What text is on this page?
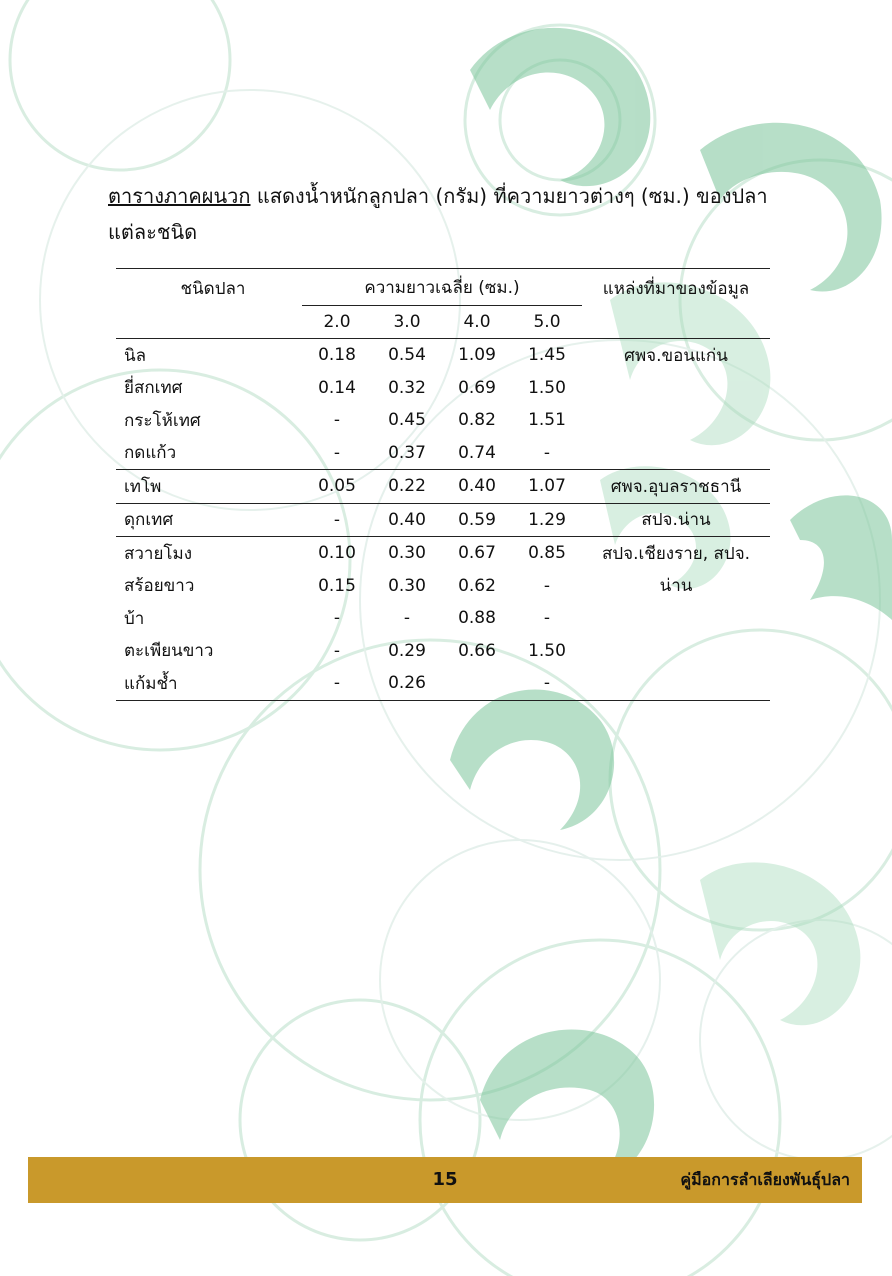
ตารางภาคผนวก แสดงน้ำหนักลูกปลา (กรัม) ที่ความยาวต่างๆ (ซม.) ของปลาแต่ละชนิด
ชนิดปลา	ความยาวเฉลี่ย (ซม.)				แหล่งที่มาของข้อมูล
	2.0	3.0	4.0	5.0	
นิล	0.18	0.54	1.09	1.45	ศพจ.ขอนแก่น
ยี่สกเทศ	0.14	0.32	0.69	1.50	
กระโห้เทศ	-	0.45	0.82	1.51	
กดแก้ว	-	0.37	0.74	-	
เทโพ	0.05	0.22	0.40	1.07	ศพจ.อุบลราชธานี
ดุกเทศ	-	0.40	0.59	1.29	สปจ.น่าน
สวายโมง	0.10	0.30	0.67	0.85	สปจ.เชียงราย, สปจ.
สร้อยขาว	0.15	0.30	0.62	-	น่าน
บ้า	-	-	0.88	-	
ตะเพียนขาว	-	0.29	0.66	1.50	
แก้มช้ำ	-	0.26		-	
15	คู่มือการลำเลียงพันธุ์ปลา
